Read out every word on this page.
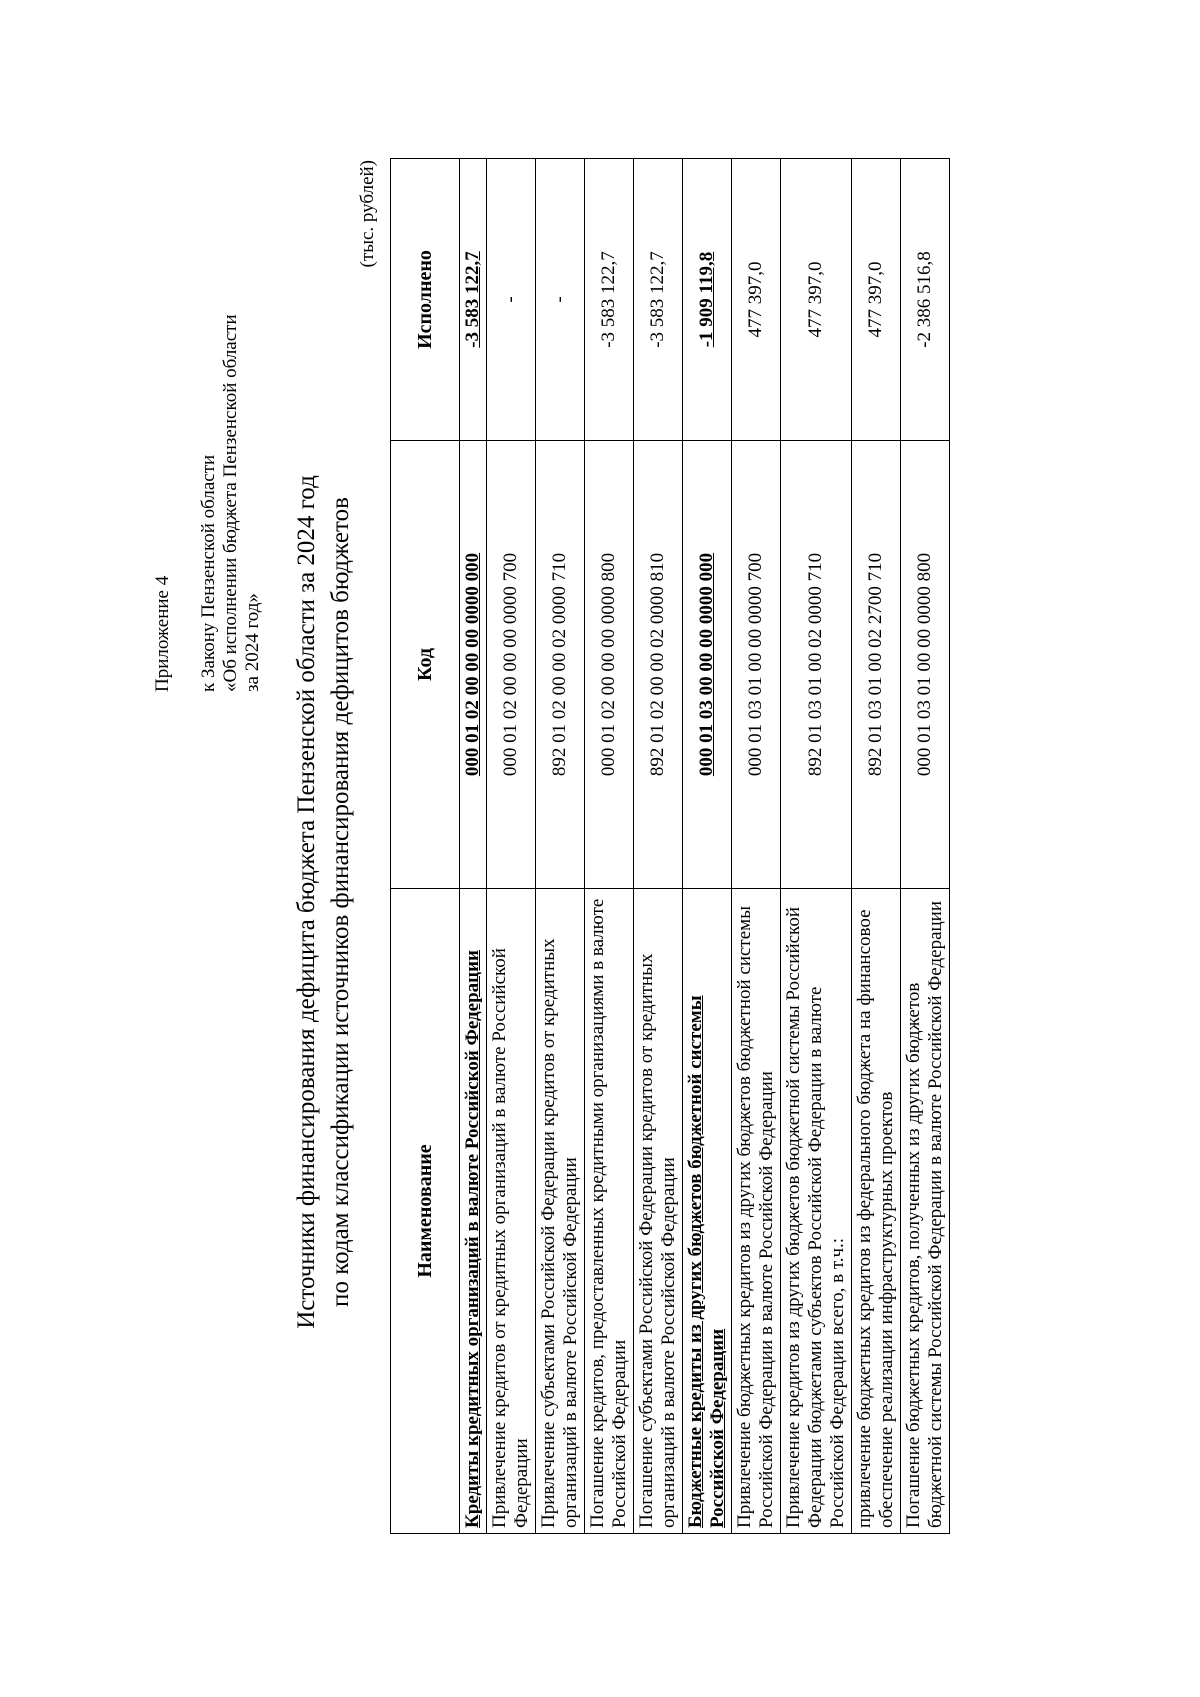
Приложение 4 к Закону Пензенской области «Об исполнении бюджета Пензенской области за 2024 год» Источники финансирования дефицита бюджета Пензенской области за 2024 год по кодам классификации источников финансирования дефицитов бюджетов
(тыс. рублей)
Наименование	Код	Исполнено
Кредиты кредитных организаций в валюте Российской Федерации	000 01 02 00 00 00 0000 000	-3 583 122,7
Привлечение кредитов от кредитных организаций в валюте Российской Федерации	000 01 02 00 00 00 0000 700	-
Привлечение субъектами Российской Федерации кредитов от кредитных организаций в валюте Российской Федерации	892 01 02 00 00 02 0000 710	-
Погашение кредитов, предоставленных кредитными организациями в валюте Российской Федерации	000 01 02 00 00 00 0000 800	-3 583 122,7
Погашение субъектами Российской Федерации кредитов от кредитных организаций в валюте Российской Федерации	892 01 02 00 00 02 0000 810	-3 583 122,7
Бюджетные кредиты из других бюджетов бюджетной системы Российской Федерации	000 01 03 00 00 00 0000 000	-1 909 119,8
Привлечение бюджетных кредитов из других бюджетов бюджетной системы Российской Федерации в валюте Российской Федерации	000 01 03 01 00 00 0000 700	477 397,0
Привлечение кредитов из других бюджетов бюджетной системы Российской Федерации бюджетами субъектов Российской Федерации в валюте Российской Федерации всего, в т.ч.:	892 01 03 01 00 02 0000 710	477 397,0
привлечение бюджетных кредитов из федерального бюджета на финансовое обеспечение реализации инфраструктурных проектов	892 01 03 01 00 02 2700 710	477 397,0
Погашение бюджетных кредитов, полученных из других бюджетов бюджетной системы Российской Федерации в валюте Российской Федерации	000 01 03 01 00 00 0000 800	-2 386 516,8
